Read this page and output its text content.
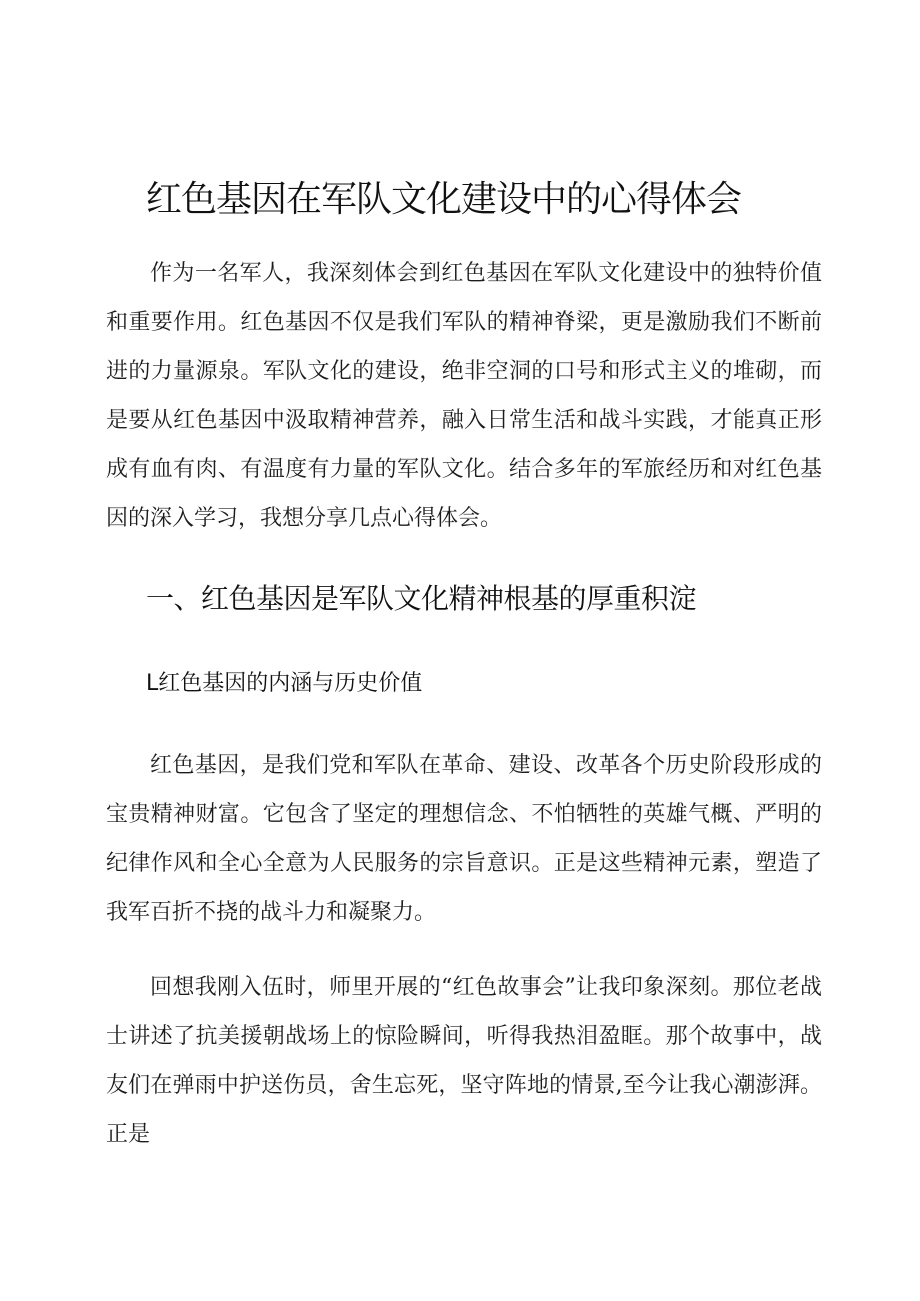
红色基因在军队文化建设中的心得体会

作为一名军人，我深刻体会到红色基因在军队文化建设中的独特价值和重要作用。红色基因不仅是我们军队的精神脊梁，更是激励我们不断前进的力量源泉。军队文化的建设，绝非空洞的口号和形式主义的堆砌，而是要从红色基因中汲取精神营养，融入日常生活和战斗实践，才能真正形成有血有肉、有温度有力量的军队文化。结合多年的军旅经历和对红色基因的深入学习，我想分享几点心得体会。

一、红色基因是军队文化精神根基的厚重积淀
L红色基因的内涵与历史价值

红色基因，是我们党和军队在革命、建设、改革各个历史阶段形成的宝贵精神财富。它包含了坚定的理想信念、不怕牺牲的英雄气概、严明的纪律作风和全心全意为人民服务的宗旨意识。正是这些精神元素，塑造了我军百折不挠的战斗力和凝聚力。

回想我刚入伍时，师里开展的“红色故事会”让我印象深刻。那位老战士讲述了抗美援朝战场上的惊险瞬间，听得我热泪盈眶。那个故事中，战友们在弹雨中护送伤员，舍生忘死，坚守阵地的情景,至今让我心潮澎湃。正是
